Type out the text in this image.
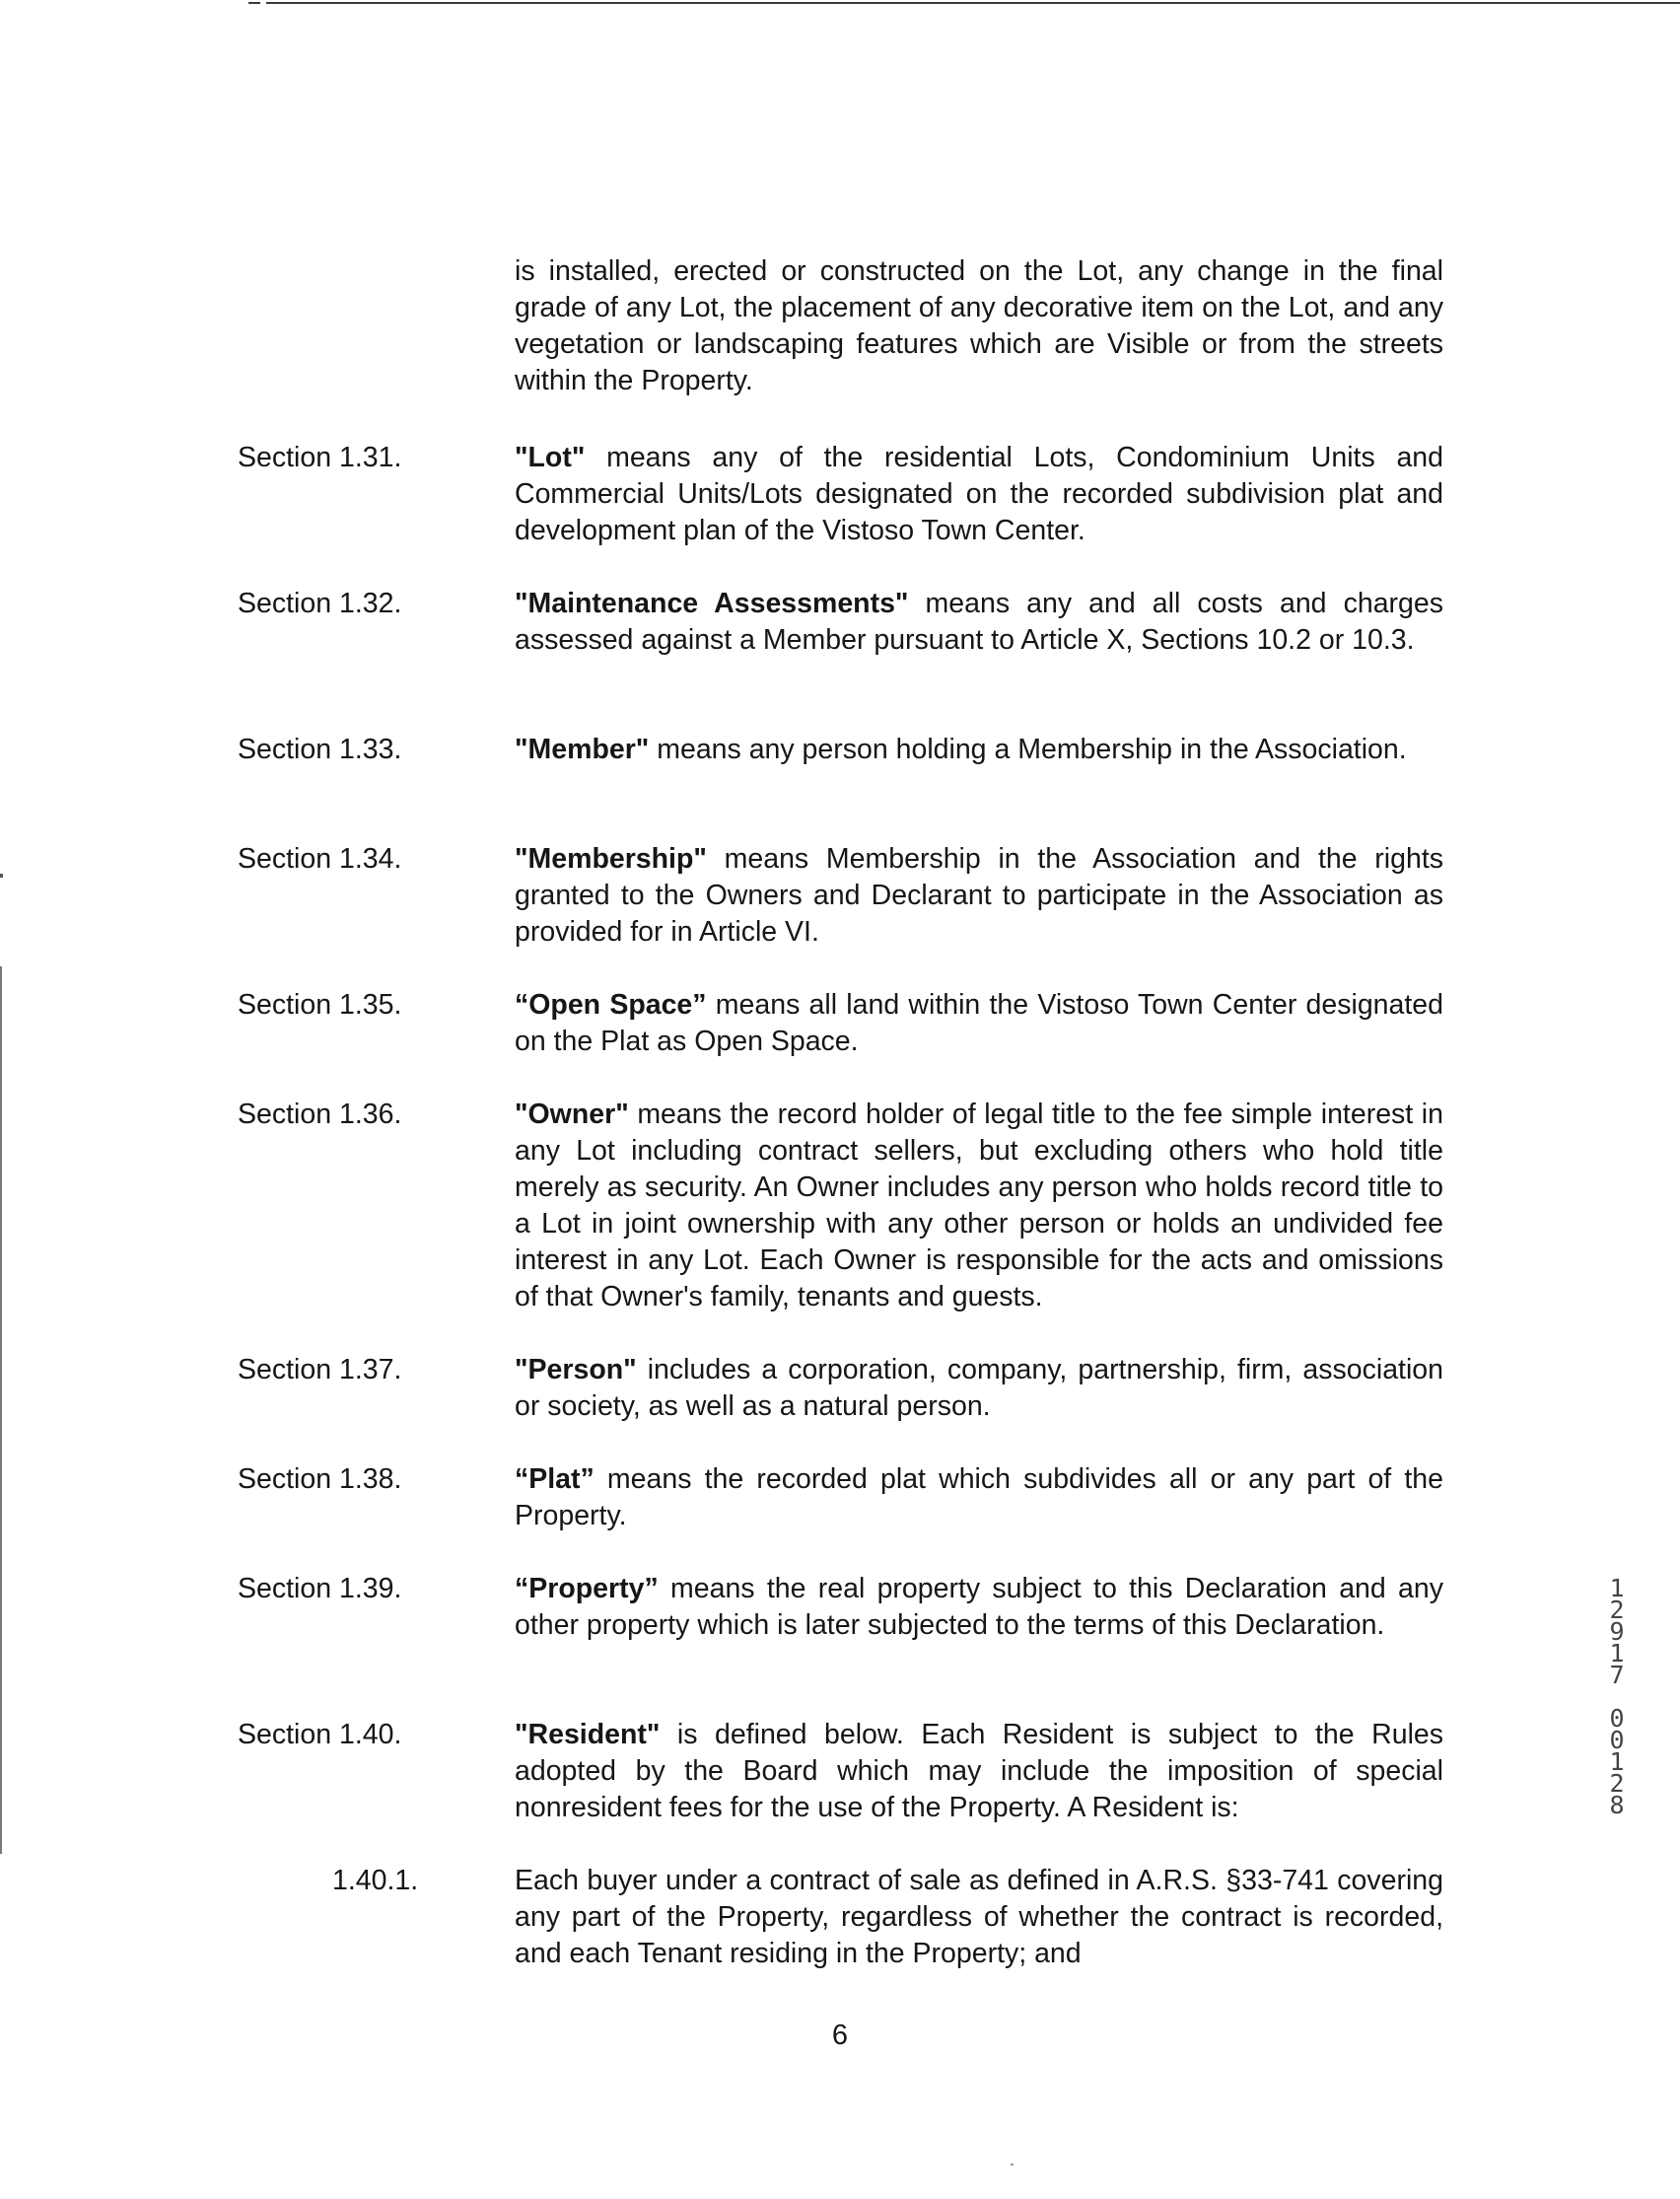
is installed, erected or constructed on the Lot, any change in the final grade of any Lot, the placement of any decorative item on the Lot, and any vegetation or landscaping features which are Visible or from the streets within the Property.

Section 1.31.	"Lot" means any of the residential Lots, Condominium Units and Commercial Units/Lots designated on the recorded subdivision plat and development plan of the Vistoso Town Center.

Section 1.32.	"Maintenance Assessments" means any and all costs and charges assessed against a Member pursuant to Article X, Sections 10.2 or 10.3.

Section 1.33.	"Member" means any person holding a Membership in the Association.

Section 1.34.	"Membership" means Membership in the Association and the rights granted to the Owners and Declarant to participate in the Association as provided for in Article VI.

Section 1.35.	“Open Space” means all land within the Vistoso Town Center designated on the Plat as Open Space.

Section 1.36.	"Owner" means the record holder of legal title to the fee simple interest in any Lot including contract sellers, but excluding others who hold title merely as security. An Owner includes any person who holds record title to a Lot in joint ownership with any other person or holds an undivided fee interest in any Lot. Each Owner is responsible for the acts and omissions of that Owner's family, tenants and guests.

Section 1.37.	"Person" includes a corporation, company, partnership, firm, association or society, as well as a natural person.

Section 1.38.	“Plat” means the recorded plat which subdivides all or any part of the Property.

Section 1.39.	“Property” means the real property subject to this Declaration and any other property which is later subjected to the terms of this Declaration.

Section 1.40.	"Resident" is defined below. Each Resident is subject to the Rules adopted by the Board which may include the imposition of special nonresident fees for the use of the Property. A Resident is:

1.40.1.	Each buyer under a contract of sale as defined in A.R.S. §33-741 covering any part of the Property, regardless of whether the contract is recorded, and each Tenant residing in the Property; and

6
1
2
9
1
7
0
0
1
2
8
